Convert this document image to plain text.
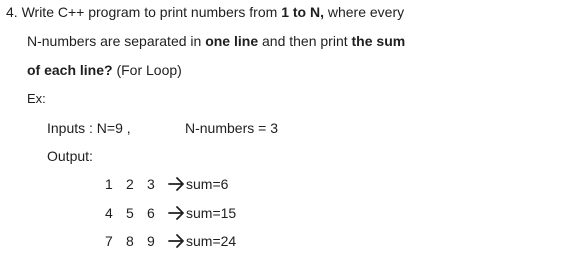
4. Write C++ program to print numbers from 1 to N, where every
N-numbers are separated in one line and then print the sum
of each line? (For Loop)
Ex:
Inputs : N=9 ,	N-numbers = 3
Output:
1 2 3 sum=6
4 5 6 sum=15
7 8 9 sum=24
